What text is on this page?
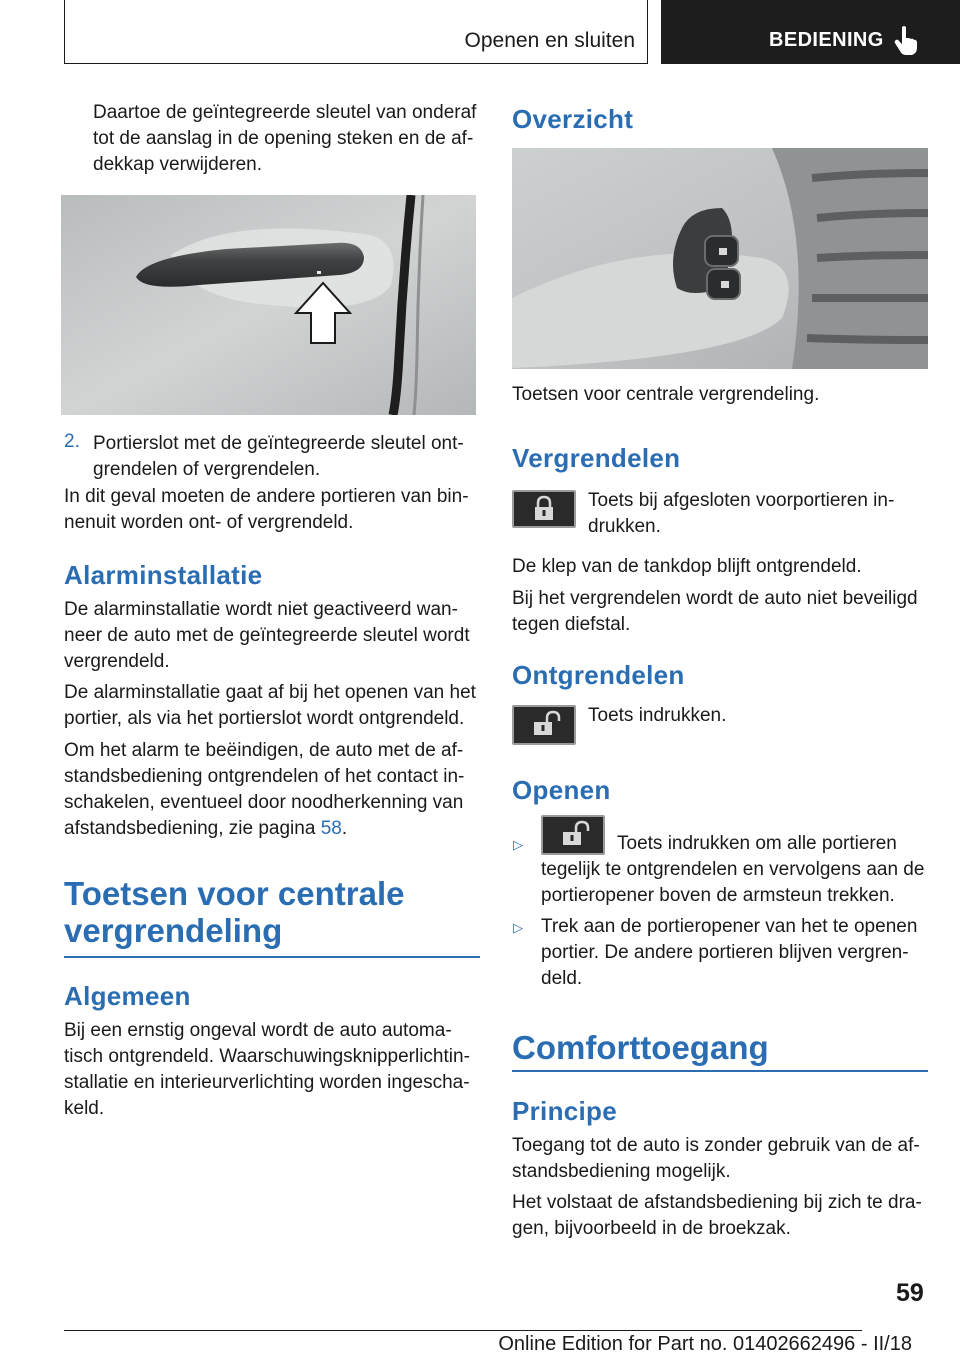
Openen en sluiten	BEDIENING

Daartoe de geïntegreerde sleutel van onderaf tot de aanslag in de opening steken en de afdekkap verwijderen.

2. Portierslot met de geïntegreerde sleutel ontgrendelen of vergrendelen.

In dit geval moeten de andere portieren van binnenuit worden ont- of vergrendeld.

Alarminstallatie

De alarminstallatie wordt niet geactiveerd wanneer de auto met de geïntegreerde sleutel wordt vergrendeld.

De alarminstallatie gaat af bij het openen van het portier, als via het portierslot wordt ontgrendeld.

Om het alarm te beëindigen, de auto met de afstandsbediening ontgrendelen of het contact inschakelen, eventueel door noodherkenning van afstandsbediening, zie pagina 58.

Toetsen voor centrale vergrendeling
Algemeen

Bij een ernstig ongeval wordt de auto automatisch ontgrendeld. Waarschuwingsknipperlichtinstallatie en interieurverlichting worden ingeschakeld.

Overzicht

Toetsen voor centrale vergrendeling.

Vergrendelen

Toets bij afgesloten voorportieren indrukken.

De klep van de tankdop blijft ontgrendeld.

Bij het vergrendelen wordt de auto niet beveiligd tegen diefstal.

Ontgrendelen

Toets indrukken.

Openen
▷	Toets indrukken om alle portieren tegelijk te ontgrendelen en vervolgens aan de portieropener boven de armsteun trekken.

▷ Trek aan de portieropener van het te openen portier. De andere portieren blijven vergrendeld.

Comforttoegang
Principe

Toegang tot de auto is zonder gebruik van de afstandsbediening mogelijk.

Het volstaat de afstandsbediening bij zich te dragen, bijvoorbeeld in de broekzak.

59
Online Edition for Part no. 01402662496 - II/18
